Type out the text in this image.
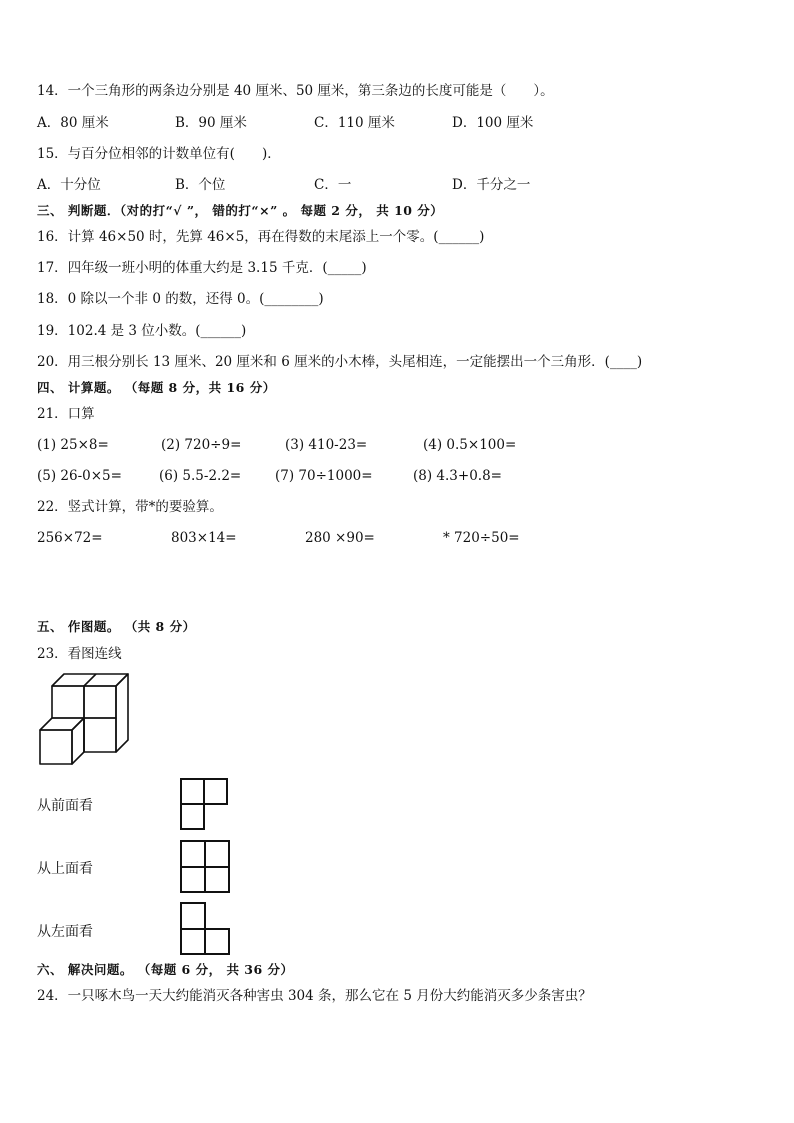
14．一个三角形的两条边分别是 40 厘米、50 厘米，第三条边的长度可能是（　　）。
A．80 厘米	B．90 厘米	C．110 厘米	D．100 厘米
15．与百分位相邻的计数单位有(　　)．
A．十分位	B．个位	C．一	D．千分之一
三、 判断题．（对的打“√ ”， 错的打“×” 。 每题 2 分， 共 10 分）
16．计算 46×50 时，先算 46×5，再在得数的末尾添上一个零。(______)
17．四年级一班小明的体重大约是 3.15 千克．(_____)
18．0 除以一个非 0 的数，还得 0。(________)
19．102.4 是 3 位小数。(______)
20．用三根分别长 13 厘米、20 厘米和 6 厘米的小木棒，头尾相连，一定能摆出一个三角形．(____)
四、 计算题。 （每题 8 分，共 16 分）
21．口算
(1) 25×8=	(2) 720÷9=	(3) 410-23=	(4) 0.5×100=
(5) 26-0×5=	(6) 5.5-2.2=	(7) 70÷1000=	(8) 4.3+0.8=
22．竖式计算，带*的要验算。
256×72=	803×14=	280 ×90=	* 720÷50=
五、 作图题。 （共 8 分）
23．看图连线
从前面看
从上面看
从左面看
六、 解决问题。 （每题 6 分， 共 36 分）
24．一只啄木鸟一天大约能消灭各种害虫 304 条，那么它在 5 月份大约能消灭多少条害虫？
